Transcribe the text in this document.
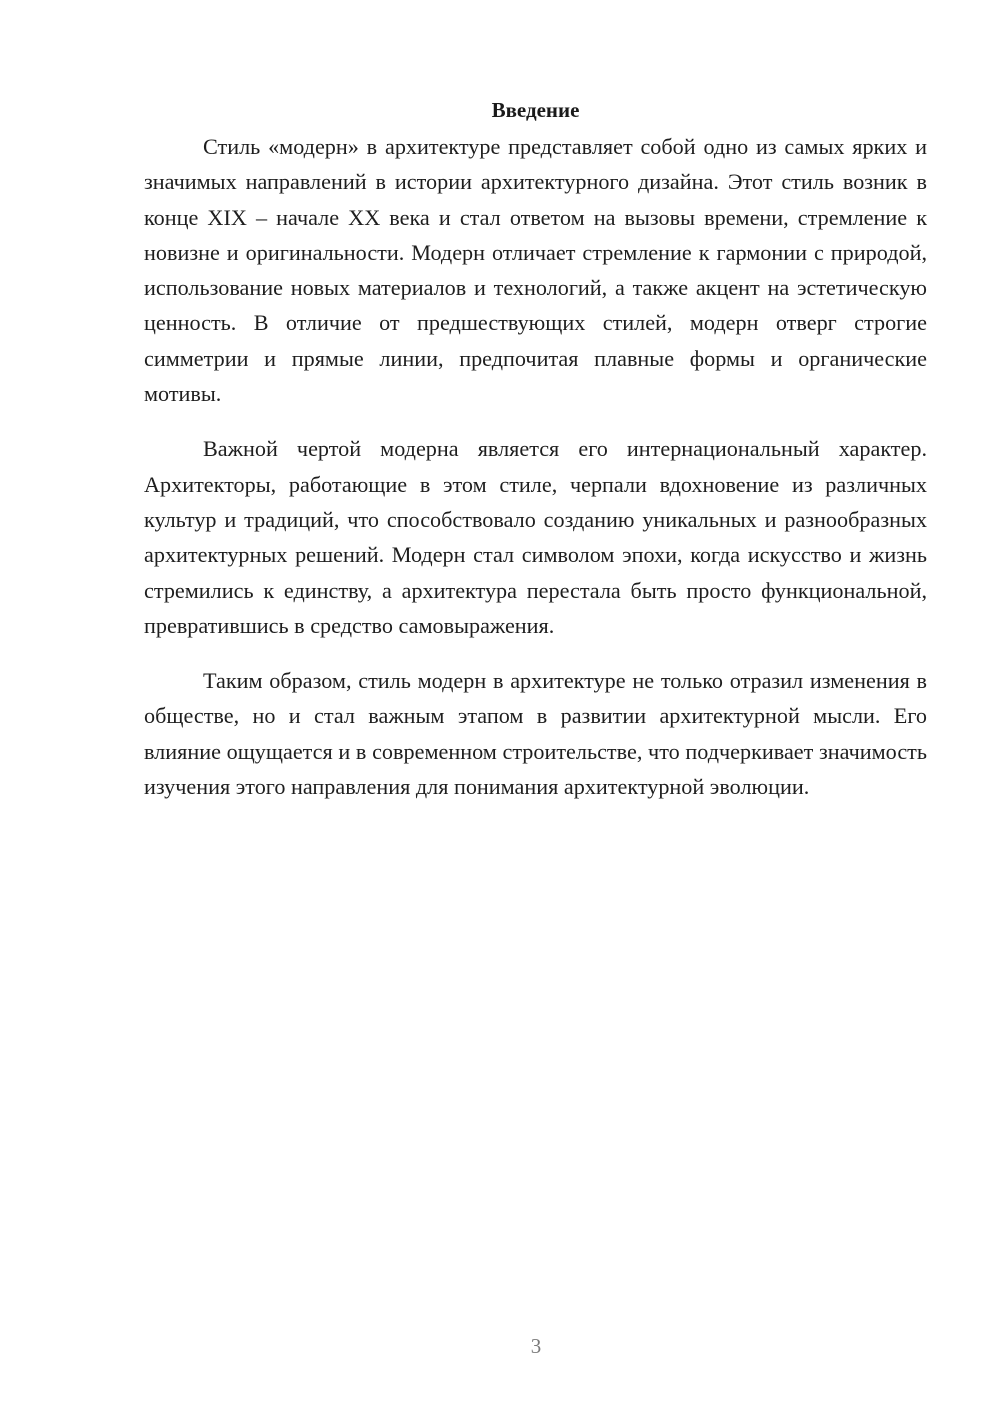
Введение

Стиль «модерн» в архитектуре представляет собой одно из самых ярких и значимых направлений в истории архитектурного дизайна. Этот стиль возник в конце XIX – начале XX века и стал ответом на вызовы времени, стремление к новизне и оригинальности. Модерн отличает стремление к гармонии с природой, использование новых материалов и технологий, а также акцент на эстетическую ценность. В отличие от предшествующих стилей, модерн отверг строгие симметрии и прямые линии, предпочитая плавные формы и органические мотивы.

Важной чертой модерна является его интернациональный характер. Архитекторы, работающие в этом стиле, черпали вдохновение из различных культур и традиций, что способствовало созданию уникальных и разнообразных архитектурных решений. Модерн стал символом эпохи, когда искусство и жизнь стремились к единству, а архитектура перестала быть просто функциональной, превратившись в средство самовыражения.

Таким образом, стиль модерн в архитектуре не только отразил изменения в обществе, но и стал важным этапом в развитии архитектурной мысли. Его влияние ощущается и в современном строительстве, что подчеркивает значимость изучения этого направления для понимания архитектурной эволюции.

3
